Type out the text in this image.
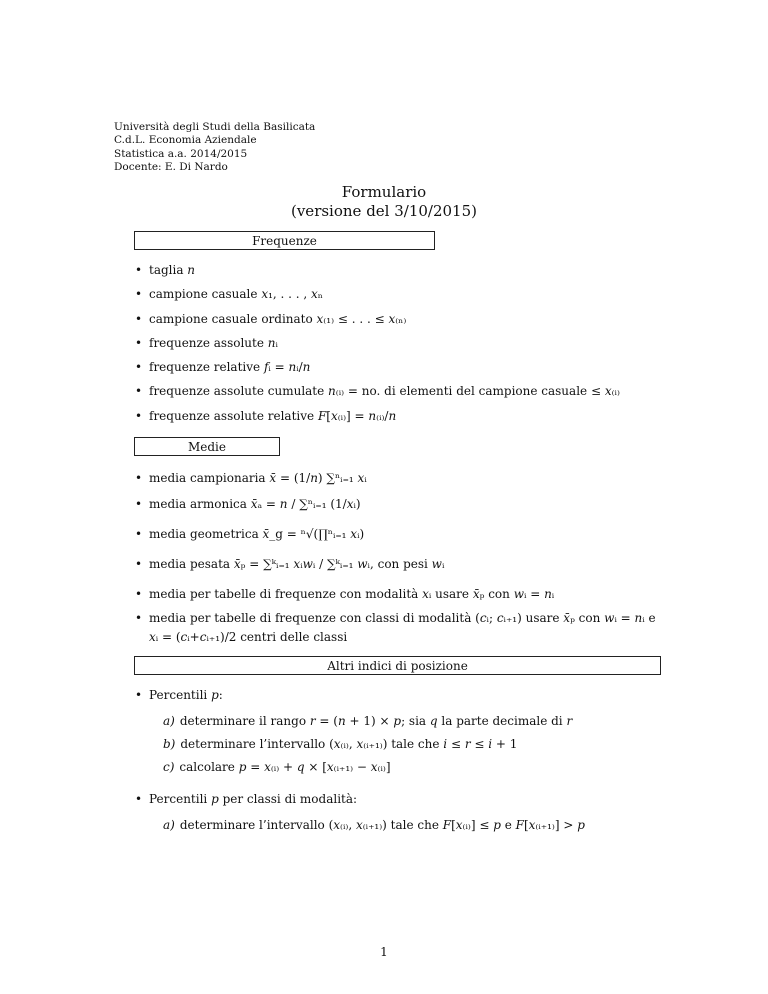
Università degli Studi della Basilicata
C.d.L. Economia Aziendale
Statistica a.a. 2014/2015
Docente: E. Di Nardo
Formulario
(versione del 3/10/2015)
Frequenze
• taglia 𝑛
• campione casuale 𝑥₁, . . . , 𝑥ₙ
• campione casuale ordinato 𝑥₍₁₎ ≤ . . . ≤ 𝑥₍ₙ₎
• frequenze assolute 𝑛ᵢ
• frequenze relative 𝑓ᵢ = 𝑛ᵢ/𝑛
• frequenze assolute cumulate 𝑛₍ᵢ₎ = no. di elementi del campione casuale ≤ 𝑥₍ᵢ₎
• frequenze assolute relative 𝐹[𝑥₍ᵢ₎] = 𝑛₍ᵢ₎/𝑛
Medie
• media campionaria 𝑥̄ = (1/𝑛) ∑ⁿᵢ₌₁ 𝑥ᵢ
• media armonica 𝑥̄ₐ = 𝑛 / ∑ⁿᵢ₌₁ (1/𝑥ᵢ)
• media geometrica 𝑥̄_g = ⁿ√(∏ⁿᵢ₌₁ 𝑥ᵢ)
• media pesata 𝑥̄ₚ = ∑ᵏᵢ₌₁ 𝑥ᵢ𝑤ᵢ / ∑ᵏᵢ₌₁ 𝑤ᵢ, con pesi 𝑤ᵢ
• media per tabelle di frequenze con modalità 𝑥ᵢ usare 𝑥̄ₚ con 𝑤ᵢ = 𝑛ᵢ
• media per tabelle di frequenze con classi di modalità (𝑐ᵢ; 𝑐ᵢ₊₁) usare 𝑥̄ₚ con 𝑤ᵢ = 𝑛ᵢ e
𝑥ᵢ = (𝑐ᵢ+𝑐ᵢ₊₁)/2 centri delle classi
Altri indici di posizione
• Percentili 𝑝:
a) determinare il rango 𝑟 = (𝑛 + 1) × 𝑝; sia 𝑞 la parte decimale di 𝑟
b) determinare l’intervallo (𝑥₍ᵢ₎, 𝑥₍ᵢ₊₁₎) tale che 𝑖 ≤ 𝑟 ≤ 𝑖 + 1
c) calcolare 𝑝 = 𝑥₍ᵢ₎ + 𝑞 × [𝑥₍ᵢ₊₁₎ − 𝑥₍ᵢ₎]
• Percentili 𝑝 per classi di modalità:
a) determinare l’intervallo (𝑥₍ᵢ₎, 𝑥₍ᵢ₊₁₎) tale che 𝐹[𝑥₍ᵢ₎] ≤ 𝑝 e 𝐹[𝑥₍ᵢ₊₁₎] > 𝑝
1
